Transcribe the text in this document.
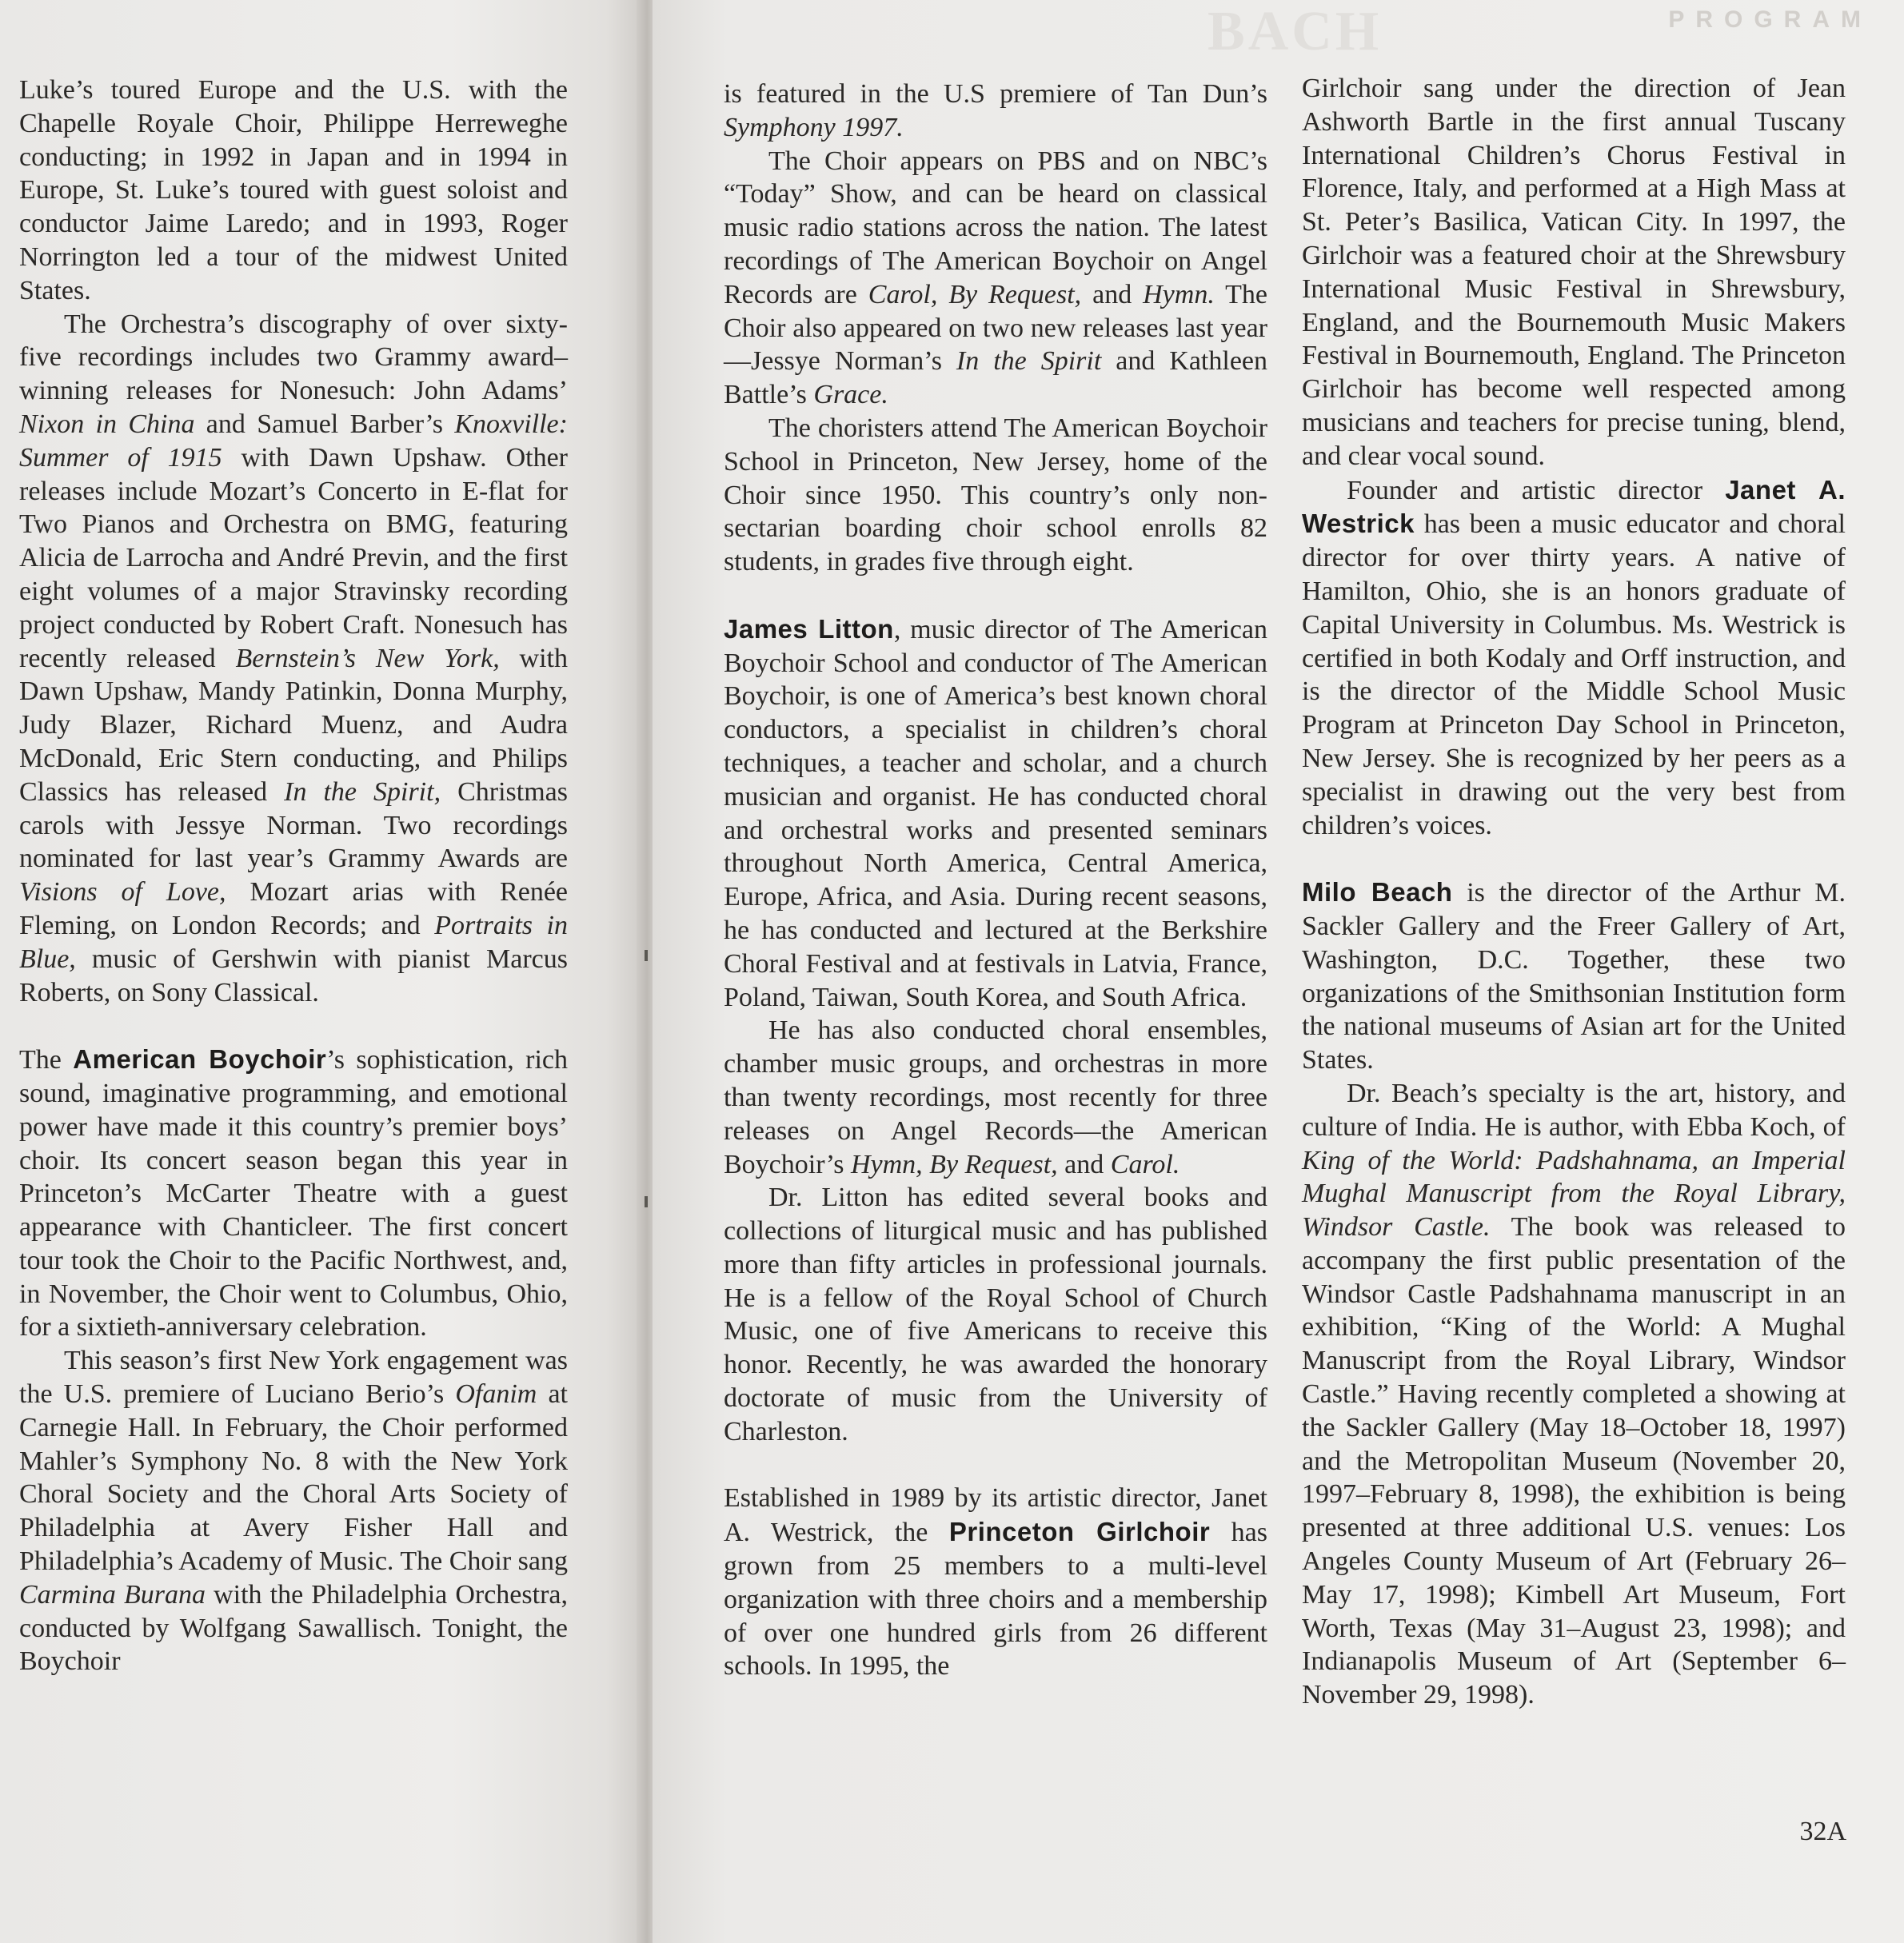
BACH	PROGRAM

Luke’s toured Europe and the U.S. with the Chapelle Royale Choir, Philippe Herreweghe conducting; in 1992 in Japan and in 1994 in Europe, St. Luke’s toured with guest soloist and conductor Jaime Laredo; and in 1993, Roger Norrington led a tour of the midwest United States.

The Orchestra’s discography of over sixty-five recordings includes two Grammy award–winning releases for Nonesuch: John Adams’ Nixon in China and Samuel Barber’s Knoxville: Summer of 1915 with Dawn Upshaw. Other releases include Mozart’s Concerto in E-flat for Two Pianos and Orchestra on BMG, featuring Alicia de Larrocha and André Previn, and the first eight volumes of a major Stravinsky recording project conducted by Robert Craft. Nonesuch has recently released Bernstein’s New York, with Dawn Upshaw, Mandy Patinkin, Donna Murphy, Judy Blazer, Richard Muenz, and Audra McDonald, Eric Stern conducting, and Philips Classics has released In the Spirit, Christmas carols with Jessye Norman. Two recordings nominated for last year’s Grammy Awards are Visions of Love, Mozart arias with Renée Fleming, on London Records; and Portraits in Blue, music of Gershwin with pianist Marcus Roberts, on Sony Classical.

The American Boychoir’s sophistication, rich sound, imaginative programming, and emotional power have made it this country’s premier boys’ choir. Its concert season began this year in Princeton’s McCarter Theatre with a guest appearance with Chanticleer. The first concert tour took the Choir to the Pacific Northwest, and, in November, the Choir went to Columbus, Ohio, for a sixtieth-anniversary celebration.

This season’s first New York engagement was the U.S. premiere of Luciano Berio’s Ofanim at Carnegie Hall. In February, the Choir performed Mahler’s Symphony No. 8 with the New York Choral Society and the Choral Arts Society of Philadelphia at Avery Fisher Hall and Philadelphia’s Academy of Music. The Choir sang Carmina Burana with the Philadelphia Orchestra, conducted by Wolfgang Sawallisch. Tonight, the Boychoir

is featured in the U.S premiere of Tan Dun’s Symphony 1997.

The Choir appears on PBS and on NBC’s “Today” Show, and can be heard on classical music radio stations across the nation. The latest recordings of The American Boychoir on Angel Records are Carol, By Request, and Hymn. The Choir also appeared on two new releases last year—Jessye Norman’s In the Spirit and Kathleen Battle’s Grace.

The choristers attend The American Boychoir School in Princeton, New Jersey, home of the Choir since 1950. This country’s only non-sectarian boarding choir school enrolls 82 students, in grades five through eight.

James Litton, music director of The American Boychoir School and conductor of The American Boychoir, is one of America’s best known choral conductors, a specialist in children’s choral techniques, a teacher and scholar, and a church musician and organist. He has conducted choral and orchestral works and presented seminars throughout North America, Central America, Europe, Africa, and Asia. During recent seasons, he has conducted and lectured at the Berkshire Choral Festival and at festivals in Latvia, France, Poland, Taiwan, South Korea, and South Africa.

He has also conducted choral ensembles, chamber music groups, and orchestras in more than twenty recordings, most recently for three releases on Angel Records—the American Boychoir’s Hymn, By Request, and Carol.

Dr. Litton has edited several books and collections of liturgical music and has published more than fifty articles in professional journals. He is a fellow of the Royal School of Church Music, one of five Americans to receive this honor. Recently, he was awarded the honorary doctorate of music from the University of Charleston.

Established in 1989 by its artistic director, Janet A. Westrick, the Princeton Girlchoir has grown from 25 members to a multi-level organization with three choirs and a membership of over one hundred girls from 26 different schools. In 1995, the

Girlchoir sang under the direction of Jean Ashworth Bartle in the first annual Tuscany International Children’s Chorus Festival in Florence, Italy, and performed at a High Mass at St. Peter’s Basilica, Vatican City. In 1997, the Girlchoir was a featured choir at the Shrewsbury International Music Festival in Shrewsbury, England, and the Bournemouth Music Makers Festival in Bournemouth, England. The Princeton Girlchoir has become well respected among musicians and teachers for precise tuning, blend, and clear vocal sound.

Founder and artistic director Janet A. Westrick has been a music educator and choral director for over thirty years. A native of Hamilton, Ohio, she is an honors graduate of Capital University in Columbus. Ms. Westrick is certified in both Kodaly and Orff instruction, and is the director of the Middle School Music Program at Princeton Day School in Princeton, New Jersey. She is recognized by her peers as a specialist in drawing out the very best from children’s voices.

Milo Beach is the director of the Arthur M. Sackler Gallery and the Freer Gallery of Art, Washington, D.C. Together, these two organizations of the Smithsonian Institution form the national museums of Asian art for the United States.

Dr. Beach’s specialty is the art, history, and culture of India. He is author, with Ebba Koch, of King of the World: Padshahnama, an Imperial Mughal Manuscript from the Royal Library, Windsor Castle. The book was released to accompany the first public presentation of the Windsor Castle Padshahnama manuscript in an exhibition, “King of the World: A Mughal Manuscript from the Royal Library, Windsor Castle.” Having recently completed a showing at the Sackler Gallery (May 18–October 18, 1997) and the Metropolitan Museum (November 20, 1997–February 8, 1998), the exhibition is being presented at three additional U.S. venues: Los Angeles County Museum of Art (February 26–May 17, 1998); Kimbell Art Museum, Fort Worth, Texas (May 31–August 23, 1998); and Indianapolis Museum of Art (September 6–November 29, 1998).

32A
